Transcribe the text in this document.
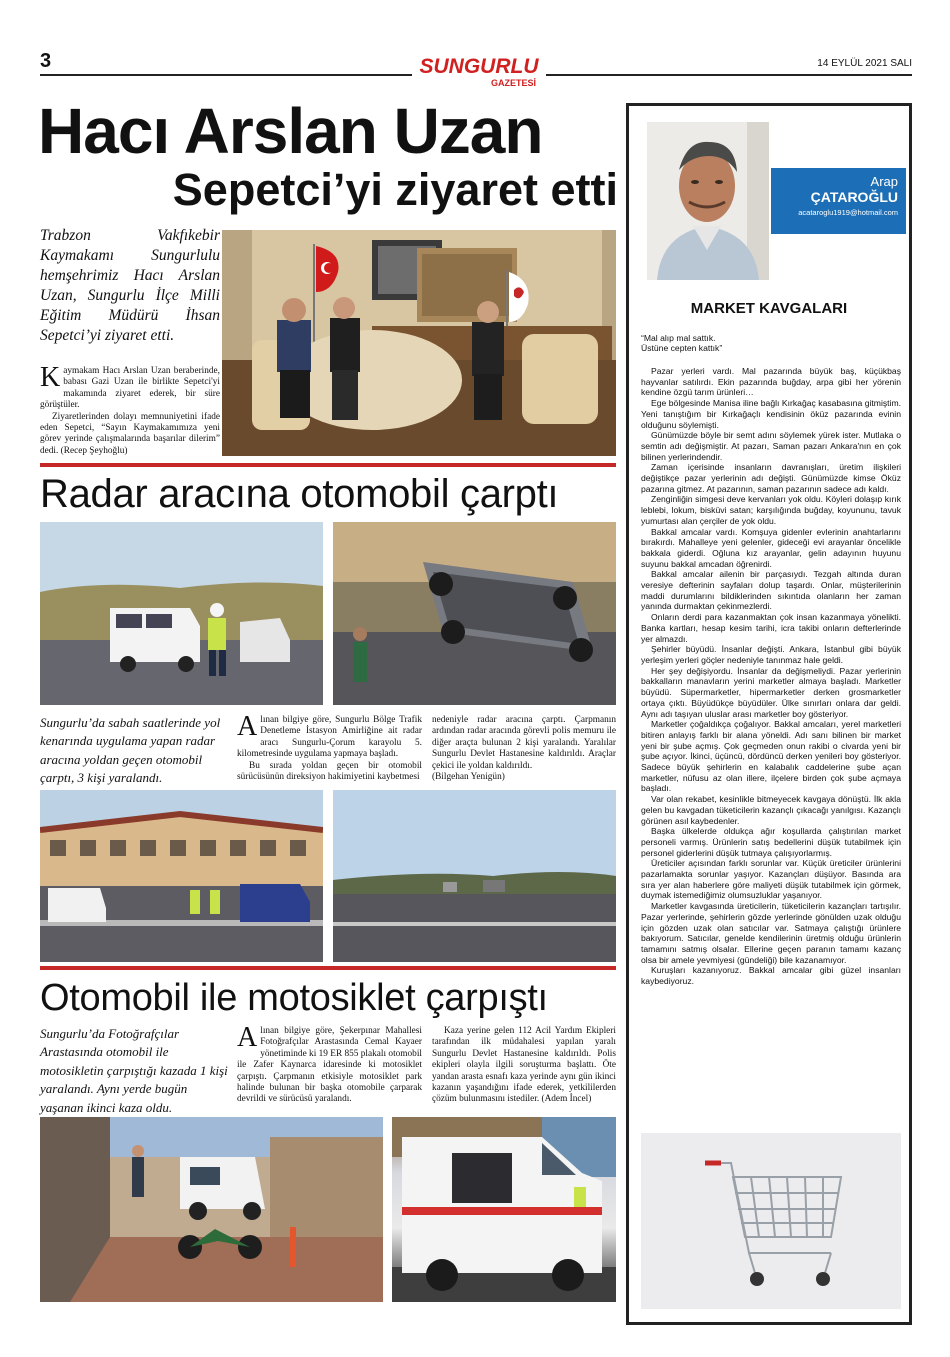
3	SUNGURLU
GAZETESİ
14 EYLÜL 2021 SALI
Hacı Arslan Uzan
Sepetci’yi ziyaret etti
Trabzon Vakfıkebir Kaymakamı Sungurlulu hemşehrimiz Hacı Arslan Uzan, Sungurlu İlçe Milli Eğitim Müdürü İhsan Sepetci’yi ziyaret etti.

Kaymakam Hacı Arslan Uzan beraberinde, babası Gazi Uzan ile birlikte Sepetci'yi makamında ziyaret ederek, bir süre görüştüler.

Ziyaretlerinden dolayı memnuniyetini ifade eden Sepetci, “Sayın Kaymakamımıza yeni görev yerinde çalışmalarında başarılar dilerim” dedi. (Recep Şeyhoğlu)

Radar aracına otomobil çarptı
Sungurlu’da sabah saatlerinde yol kenarında uygulama yapan radar aracına yoldan geçen otomobil çarptı, 3 kişi yaralandı.

Alınan bilgiye göre, Sungurlu Bölge Trafik Denetleme İstasyon Amirliğine ait radar aracı Sungurlu-Çorum karayolu 5. kilometresinde uygulama yapmaya başladı.

Bu sırada yoldan geçen bir otomobil sürücüsünün direksiyon hakimiyetini kaybetmesi

nedeniyle radar aracına çarptı. Çarpmanın ardından radar aracında görevli polis memuru ile diğer araçta bulunan 2 kişi yaralandı. Yaralılar Sungurlu Devlet Hastanesine kaldırıldı. Araçlar çekici ile yoldan kaldırıldı.

(Bilgehan Yenigün)

Otomobil ile motosiklet çarpıştı
Sungurlu’da Fotoğrafçılar Arastasında otomobil ile motosikletin çarpıştığı kazada 1 kişi yaralandı. Aynı yerde bugün yaşanan ikinci kaza oldu.

Alınan bilgiye göre, Şekerpınar Mahallesi Fotoğrafçılar Arastasında Cemal Kayaer yönetiminde ki 19 ER 855 plakalı otomobil ile Zafer Kaynarca idaresinde ki motosiklet çarpıştı. Çarpmanın etkisiyle motosiklet park halinde bulunan bir başka otomobile çarparak devrildi ve sürücüsü yaralandı.

Kaza yerine gelen 112 Acil Yardım Ekipleri tarafından ilk müdahalesi yapılan yaralı Sungurlu Devlet Hastanesine kaldırıldı. Polis ekipleri olayla ilgili soruşturma başlattı. Öte yandan arasta esnafı kaza yerinde aynı gün ikinci kazanın yaşandığını ifade ederek, yetkililerden çözüm bulunmasını istediler. (Adem İncel)

Arap
ÇATAROĞLU
acataroglu1919@hotmail.com
MARKET KAVGALARI
“Mal alıp mal sattık.
Üstüne cepten kattık”

Pazar yerleri vardı. Mal pazarında büyük baş, küçükbaş hayvanlar satılırdı. Ekin pazarında buğday, arpa gibi her yörenin kendine özgü tarım ürünleri…

Ege bölgesinde Manisa iline bağlı Kırkağaç kasabasına gitmiştim. Yeni tanıştığım bir Kırkağaçlı kendisinin öküz pazarında evinin olduğunu söylemişti.

Günümüzde böyle bir semt adını söylemek yürek ister. Mutlaka o semtin adı değişmiştir. At pazarı, Saman pazarı Ankara'nın en çok bilinen yerlerindendir.

Zaman içerisinde insanların davranışları, üretim ilişkileri değiştikçe pazar yerlerinin adı değişti. Günümüzde kimse Öküz pazarına gitmez. At pazarının, saman pazarının sadece adı kaldı.

Zenginliğin simgesi deve kervanları yok oldu. Köyleri dolaşıp kırık leblebi, lokum, bisküvi satan; karşılığında buğday, koyununu, tavuk yumurtası alan çerçiler de yok oldu.

Bakkal amcalar vardı. Komşuya gidenler evlerinin anahtarlarını bırakırdı. Mahalleye yeni gelenler, gideceği evi arayanlar öncelikle bakkala giderdi. Oğluna kız arayanlar, gelin adayının huyunu suyunu bakkal amcadan öğrenirdi.

Bakkal amcalar ailenin bir parçasıydı. Tezgah altında duran veresiye defterinin sayfaları dolup taşardı. Onlar, müşterilerinin maddi durumlarını bildiklerinden sıkıntıda olanların her zaman yanında durmaktan çekinmezlerdi.

Onların derdi para kazanmaktan çok insan kazanmaya yönelikti. Banka kartları, hesap kesim tarihi, icra takibi onların defterlerinde yer almazdı.

Şehirler büyüdü. İnsanlar değişti. Ankara, İstanbul gibi büyük yerleşim yerleri göçler nedeniyle tanınmaz hale geldi.

Her şey değişiyordu. İnsanlar da değişmeliydi. Pazar yerlerinin bakkalların manavların yerini marketler almaya başladı. Marketler büyüdü. Süpermarketler, hipermarketler derken grosmarketler ortaya çıktı. Büyüdükçe büyüdüler. Ülke sınırları onlara dar geldi. Aynı adı taşıyan uluslar arası marketler boy gösteriyor.

Marketler çoğaldıkça çoğalıyor. Bakkal amcaları, yerel marketleri bitiren anlayış farklı bir alana yöneldi. Adı sanı bilinen bir market yeni bir şube açmış. Çok geçmeden onun rakibi o civarda yeni bir şube açıyor. İkinci, üçüncü, dördüncü derken yenileri boy gösteriyor. Sadece büyük şehirlerin en kalabalık caddelerine şube açan marketler, nüfusu az olan illere, ilçelere birden çok şube açmaya başladı.

Var olan rekabet, kesinlikle bitmeyecek kavgaya dönüştü. İlk akla gelen bu kavgadan tüketicilerin kazançlı çıkacağı yanılgısı. Kazançlı görünen asıl kaybedenler.

Başka ülkelerde oldukça ağır koşullarda çalıştırılan market personeli varmış. Ürünlerin satış bedellerini düşük tutabilmek için personel giderlerini düşük tutmaya çalışıyorlarmış.

Üreticiler açısından farklı sorunlar var. Küçük üreticiler ürünlerini pazarlamakta sorunlar yaşıyor. Kazançları düşüyor. Basında ara sıra yer alan haberlere göre maliyeti düşük tutabilmek için görmek, duymak istemediğimiz olumsuzluklar yaşanıyor.

Marketler kavgasında üreticilerin, tüketicilerin kazançları tartışılır. Pazar yerlerinde, şehirlerin gözde yerlerinde gönülden uzak olduğu için gözden uzak olan satıcılar var. Satmaya çalıştığı ürünlere bakıyorum. Satıcılar, genelde kendilerinin üretmiş olduğu ürünlerin tamamını satmış olsalar. Ellerine geçen paranın tamamı kazanç olsa bir amele yevmiyesi (gündeliği) bile kazanamıyor.

Kuruşları kazanıyoruz. Bakkal amcalar gibi güzel insanları kaybediyoruz.
